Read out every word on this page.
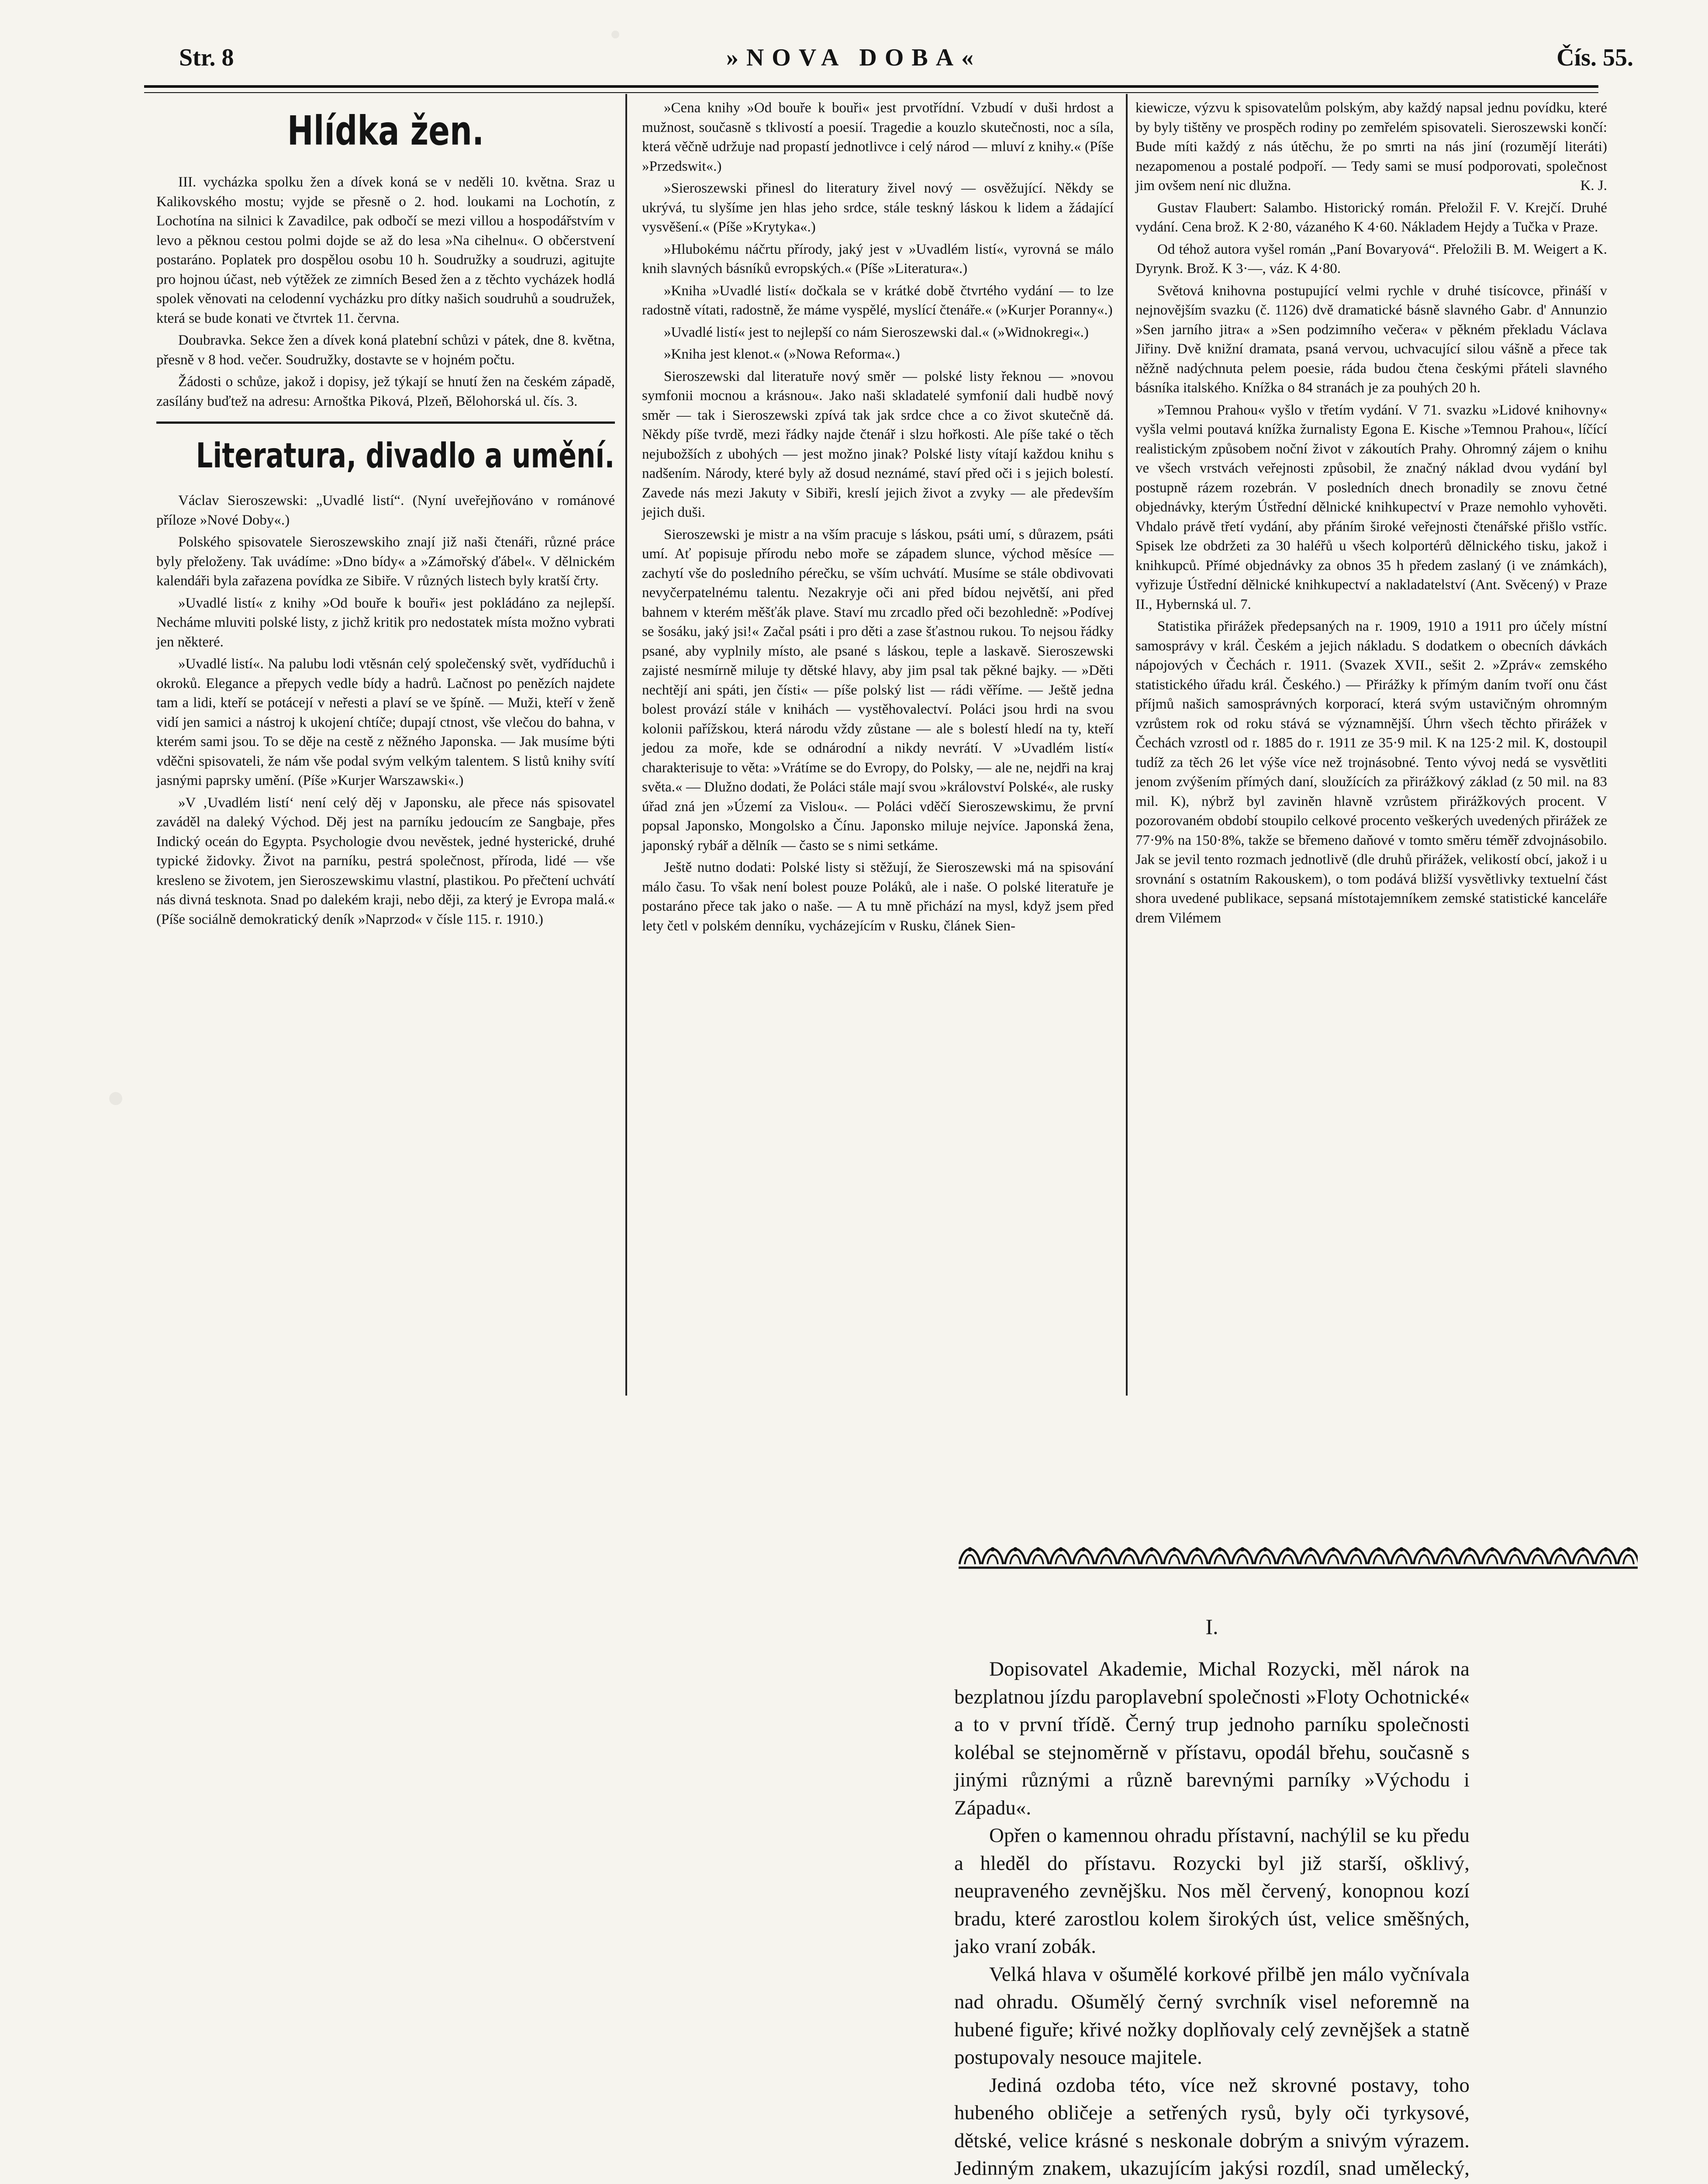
Str. 8	»NOVA DOBA«	Čís. 55.
Hlídka žen.

III. vycházka spolku žen a dívek koná se v neděli 10. května. Sraz u Kalikovského mostu; vyjde se přesně o 2. hod. loukami na Lochotín, z Lochotína na silnici k Zavadilce, pak odbočí se mezi villou a hospodářstvím v levo a pěknou cestou polmi dojde se až do lesa »Na cihelnu«. O občerstvení postaráno. Poplatek pro dospělou osobu 10 h. Soudružky a soudruzi, agitujte pro hojnou účast, neb výtěžek ze zimních Besed žen a z těchto vycházek hodlá spolek věnovati na celodenní vycházku pro dítky našich soudruhů a soudružek, která se bude konati ve čtvrtek 11. června.

Doubravka. Sekce žen a dívek koná platební schůzi v pátek, dne 8. května, přesně v 8 hod. večer. Soudružky, dostavte se v hojném počtu.

Žádosti o schůze, jakož i dopisy, jež týkají se hnutí žen na českém západě, zasílány buďtež na adresu: Arnoštka Piková, Plzeň, Bělohorská ul. čís. 3.

Literatura, divadlo a umění.

Václav Sieroszewski: „Uvadlé listí“. (Nyní uveřejňováno v románové příloze »Nové Doby«.)

Polského spisovatele Sieroszewskiho znají již naši čtenáři, různé práce byly přeloženy. Tak uvádíme: »Dno bídy« a »Zámořský ďábel«. V dělnickém kalendáři byla zařazena povídka ze Sibiře. V různých listech byly kratší črty.

»Uvadlé listí« z knihy »Od bouře k bouři« jest pokládáno za nejlepší. Necháme mluviti polské listy, z jichž kritik pro nedostatek místa možno vybrati jen některé.

»Uvadlé listí«. Na palubu lodi vtěsnán celý společenský svět, vydříduchů i okroků. Elegance a přepych vedle bídy a hadrů. Lačnost po penězích najdete tam a lidi, kteří se potácejí v neřesti a plaví se ve špíně. — Muži, kteří v ženě vidí jen samici a nástroj k ukojení chtíče; dupají ctnost, vše vlečou do bahna, v kterém sami jsou. To se děje na cestě z něžného Japonska. — Jak musíme býti vděčni spisovateli, že nám vše podal svým velkým talentem. S listů knihy svítí jasnými paprsky umění. (Píše »Kurjer Warszawski«.)

»V ‚Uvadlém listí‘ není celý děj v Japonsku, ale přece nás spisovatel zaváděl na daleký Východ. Děj jest na parníku jedoucím ze Sangbaje, přes Indický oceán do Egypta. Psychologie dvou nevěstek, jedné hysterické, druhé typické židovky. Život na parníku, pestrá společnost, příroda, lidé — vše kresleno se životem, jen Sieroszewskimu vlastní, plastikou. Po přečtení uchvátí nás divná tesknota. Snad po dalekém kraji, nebo ději, za který je Evropa malá.« (Píše sociálně demokratický deník »Naprzod« v čísle 115. r. 1910.)

»Cena knihy »Od bouře k bouři« jest prvotřídní. Vzbudí v duši hrdost a mužnost, současně s tklivostí a poesií. Tragedie a kouzlo skutečnosti, noc a síla, která věčně udržuje nad propastí jednotlivce i celý národ — mluví z knihy.« (Píše »Przedswit«.)

»Sieroszewski přinesl do literatury živel nový — osvěžující. Někdy se ukrývá, tu slyšíme jen hlas jeho srdce, stále teskný láskou k lidem a žádající vysvěšení.« (Píše »Krytyka«.)

»Hlubokému náčrtu přírody, jaký jest v »Uvadlém listí«, vyrovná se málo knih slavných básníků evropských.« (Píše »Literatura«.)

»Kniha »Uvadlé listí« dočkala se v krátké době čtvrtého vydání — to lze radostně vítati, radostně, že máme vyspělé, myslící čtenáře.« (»Kurjer Poranny«.)

»Uvadlé listí« jest to nejlepší co nám Sieroszewski dal.« (»Widnokregi«.)

»Kniha jest klenot.« (»Nowa Reforma«.)

Sieroszewski dal literatuře nový směr — polské listy řeknou — »novou symfonii mocnou a krásnou«. Jako naši skladatelé symfonií dali hudbě nový směr — tak i Sieroszewski zpívá tak jak srdce chce a co život skutečně dá. Někdy píše tvrdě, mezi řádky najde čtenář i slzu hořkosti. Ale píše také o těch nejubožších z ubohých — jest možno jinak? Polské listy vítají každou knihu s nadšením. Národy, které byly až dosud neznámé, staví před oči i s jejich bolestí. Zavede nás mezi Jakuty v Sibiři, kreslí jejich život a zvyky — ale především jejich duši.

Sieroszewski je mistr a na vším pracuje s láskou, psáti umí, s důrazem, psáti umí. Ať popisuje přírodu nebo moře se západem slunce, východ měsíce — zachytí vše do posledního pérečku, se vším uchvátí. Musíme se stále obdivovati nevyčerpatelnému talentu. Nezakryje oči ani před bídou největší, ani před bahnem v kterém měšťák plave. Staví mu zrcadlo před oči bezohledně: »Podívej se šosáku, jaký jsi!« Začal psáti i pro děti a zase šťastnou rukou. To nejsou řádky psané, aby vyplnily místo, ale psané s láskou, teple a laskavě. Sieroszewski zajisté nesmírně miluje ty dětské hlavy, aby jim psal tak pěkné bajky. — »Děti nechtějí ani spáti, jen čísti« — píše polský list — rádi věříme. — Ještě jedna bolest provází stále v knihách — vystěhovalectví. Poláci jsou hrdi na svou kolonii pařížskou, která národu vždy zůstane — ale s bolestí hledí na ty, kteří jedou za moře, kde se odnárodní a nikdy nevrátí. V »Uvadlém listí« charakterisuje to věta: »Vrátíme se do Evropy, do Polsky, — ale ne, nejdři na kraj světa.« — Dlužno dodati, že Poláci stále mají svou »království Polské«, ale rusky úřad zná jen »Území za Vislou«. — Poláci vděčí Sieroszewskimu, že první popsal Japonsko, Mongolsko a Čínu. Japonsko miluje nejvíce. Japonská žena, japonský rybář a dělník — často se s nimi setkáme.

Ještě nutno dodati: Polské listy si stěžují, že Sieroszewski má na spisování málo času. To však není bolest pouze Poláků, ale i naše. O polské literatuře je postaráno přece tak jako o naše. — A tu mně přichází na mysl, když jsem před lety četl v polském denníku, vycházejícím v Rusku, článek Sien-

kiewicze, výzvu k spisovatelům polským, aby každý napsal jednu povídku, které by byly tištěny ve prospěch rodiny po zemřelém spisovateli. Sieroszewski končí: Bude míti každý z nás útěchu, že po smrti na nás jiní (rozumějí literáti) nezapomenou a postalé podpoří. — Tedy sami se musí podporovati, společnost jim ovšem není nic dlužna.	K. J.

Gustav Flaubert: Salambo. Historický román. Přeložil F. V. Krejčí. Druhé vydání. Cena brož. K 2·80, vázaného K 4·60. Nákladem Hejdy a Tučka v Praze.

Od téhož autora vyšel román „Paní Bovaryová“. Přeložili B. M. Weigert a K. Dyrynk. Brož. K 3·—, váz. K 4·80.

Světová knihovna postupující velmi rychle v druhé tisícovce, přináší v nejnovějším svazku (č. 1126) dvě dramatické básně slavného Gabr. d' Annunzio »Sen jarního jitra« a »Sen podzimního večera« v pěkném překladu Václava Jiřiny. Dvě knižní dramata, psaná vervou, uchvacující silou vášně a přece tak něžně nadýchnuta pelem poesie, ráda budou čtena českými přáteli slavného básníka italského. Knížka o 84 stranách je za pouhých 20 h.

»Temnou Prahou« vyšlo v třetím vydání. V 71. svazku »Lidové knihovny« vyšla velmi poutavá knížka žurnalisty Egona E. Kische »Temnou Prahou«, líčící realistickým způsobem noční život v zákoutích Prahy. Ohromný zájem o knihu ve všech vrstvách veřejnosti způsobil, že značný náklad dvou vydání byl postupně rázem rozebrán. V posledních dnech bronadily se znovu četné objednávky, kterým Ústřední dělnické knihkupectví v Praze nemohlo vyhověti. Vhdalo právě třetí vydání, aby přáním široké veřejnosti čtenářské přišlo vstříc. Spisek lze obdržeti za 30 haléřů u všech kolportérů dělnického tisku, jakož i knihkupců. Přímé objednávky za obnos 35 h předem zaslaný (i ve známkách), vyřizuje Ústřední dělnické knihkupectví a nakladatelství (Ant. Svěcený) v Praze II., Hybernská ul. 7.

Statistika přirážek předepsaných na r. 1909, 1910 a 1911 pro účely místní samosprávy v král. Českém a jejich nákladu. S dodatkem o obecních dávkách nápojových v Čechách r. 1911. (Svazek XVII., sešit 2. »Zpráv« zemského statistického úřadu král. Českého.) — Přirážky k přímým daním tvoří onu část příjmů našich samosprávných korporací, která svým ustavičným ohromným vzrůstem rok od roku stává se významnější. Úhrn všech těchto přirážek v Čechách vzrostl od r. 1885 do r. 1911 ze 35·9 mil. K na 125·2 mil. K, dostoupil tudíž za těch 26 let výše více než trojnásobné. Tento vývoj nedá se vysvětliti jenom zvýšením přímých daní, sloužících za přirážkový základ (z 50 mil. na 83 mil. K), nýbrž byl zaviněn hlavně vzrůstem přirážkových procent. V pozorovaném období stoupilo celkové procento veškerých uvedených přirážek ze 77·9% na 150·8%, takže se břemeno daňové v tomto směru téměř zdvojnásobilo. Jak se jevil tento rozmach jednotlivě (dle druhů přirážek, velikostí obcí, jakož i u srovnání s ostatním Rakouskem), o tom podává bližší vysvětlivky textuelní část shora uvedené publikace, sepsaná místotajemníkem zemské statistické kanceláře drem Vilémem

I.

Dopisovatel Akademie, Michal Rozycki, měl nárok na bezplatnou jízdu paroplavební společnosti »Floty Ochotnické« a to v první třídě. Černý trup jednoho parníku společnosti kolébal se stejnoměrně v přístavu, opodál břehu, současně s jinými různými a různě barevnými parníky »Východu i Západu«.

Opřen o kamennou ohradu přístavní, nachýlil se ku předu a hleděl do přístavu. Rozycki byl již starší, ošklivý, neupraveného zevnějšku. Nos měl červený, konopnou kozí bradu, které zarostlou kolem širokých úst, velice směšných, jako vraní zobák.

Velká hlava v ošumělé korkové přilbě jen málo vyčnívala nad ohradu. Ošumělý černý svrchník visel neforemně na hubené figuře; křivé nožky doplňovaly celý zevnějšek a statně postupovaly nesouce majitele.

Jediná ozdoba této, více než skrovné postavy, toho hubeného obličeje a setřených rysů, byly oči tyrkysové, dětské, velice krásné s neskonale dobrým a snivým výrazem. Jedinným znakem, ukazujícím jakýsi rozdíl, snad umělecký,
